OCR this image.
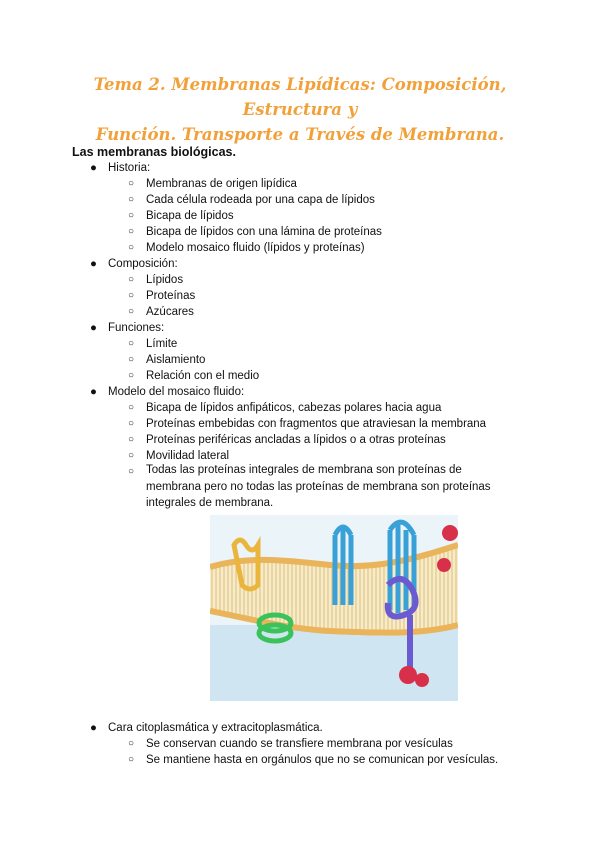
Tema 2. Membranas Lipídicas: Composición, Estructura y
Función. Transporte a Través de Membrana.
Las membranas biológicas.
● Historia:
○ Membranas de origen lipídica
○ Cada célula rodeada por una capa de lípidos
○ Bicapa de lípidos
○ Bicapa de lípidos con una lámina de proteínas
○ Modelo mosaico fluido (lípidos y proteínas)
● Composición:
○ Lípidos
○ Proteínas
○ Azúcares
● Funciones:
○ Límite
○ Aislamiento
○ Relación con el medio
● Modelo del mosaico fluido:
○ Bicapa de lípidos anfipáticos, cabezas polares hacia agua
○ Proteínas embebidas con fragmentos que atraviesan la membrana
○ Proteínas periféricas ancladas a lípidos o a otras proteínas
○ Movilidad lateral
○ Todas las proteínas integrales de membrana son proteínas de membrana pero no todas las proteínas de membrana son proteínas integrales de membrana.
● Cara citoplasmática y extracitoplasmática.
○ Se conservan cuando se transfiere membrana por vesículas
○ Se mantiene hasta en orgánulos que no se comunican por vesículas.
